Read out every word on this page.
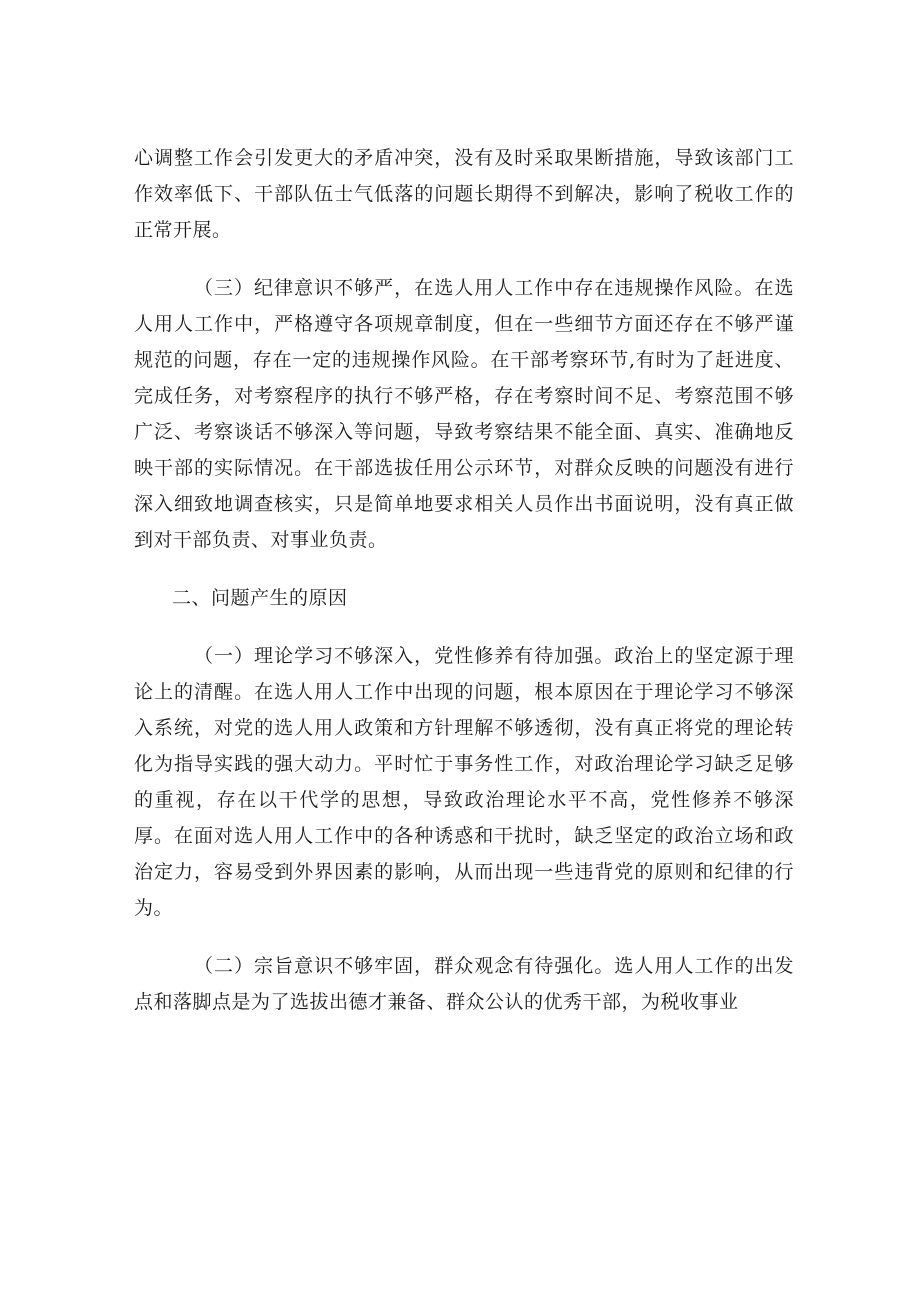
心调整工作会引发更大的矛盾冲突，没有及时采取果断措施，导致该部门工作效率低下、干部队伍士气低落的问题长期得不到解决，影响了税收工作的正常开展。

（三）纪律意识不够严，在选人用人工作中存在违规操作风险。在选人用人工作中，严格遵守各项规章制度，但在一些细节方面还存在不够严谨规范的问题，存在一定的违规操作风险。在干部考察环节,有时为了赶进度、完成任务，对考察程序的执行不够严格，存在考察时间不足、考察范围不够广泛、考察谈话不够深入等问题，导致考察结果不能全面、真实、准确地反映干部的实际情况。在干部选拔任用公示环节，对群众反映的问题没有进行深入细致地调查核实，只是简单地要求相关人员作出书面说明，没有真正做到对干部负责、对事业负责。

二、问题产生的原因

（一）理论学习不够深入，党性修养有待加强。政治上的坚定源于理论上的清醒。在选人用人工作中出现的问题，根本原因在于理论学习不够深入系统，对党的选人用人政策和方针理解不够透彻，没有真正将党的理论转化为指导实践的强大动力。平时忙于事务性工作，对政治理论学习缺乏足够的重视，存在以干代学的思想，导致政治理论水平不高，党性修养不够深厚。在面对选人用人工作中的各种诱惑和干扰时，缺乏坚定的政治立场和政治定力，容易受到外界因素的影响，从而出现一些违背党的原则和纪律的行为。

（二）宗旨意识不够牢固，群众观念有待强化。选人用人工作的出发点和落脚点是为了选拔出德才兼备、群众公认的优秀干部，为税收事业
